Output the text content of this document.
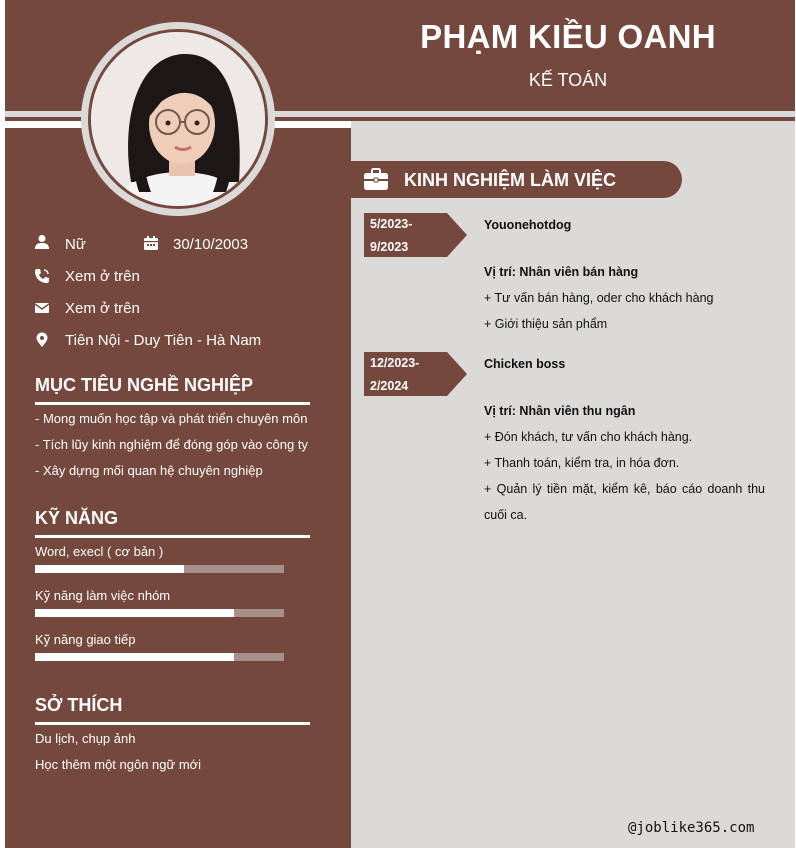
PHẠM KIỀU OANH
KẾ TOÁN
Nữ	30/10/2003
Xem ở trên
Xem ở trên
Tiên Nội - Duy Tiên - Hà Nam
MỤC TIÊU NGHỀ NGHIỆP
- Mong muốn học tập và phát triển chuyên môn
- Tích lũy kinh nghiệm để đóng góp vào công ty
- Xây dựng mối quan hệ chuyên nghiệp
KỸ NĂNG
Word, execl ( cơ bản )
Kỹ năng làm việc nhóm
Kỹ năng giao tiếp
SỞ THÍCH
Du lịch, chụp ảnh
Học thêm một ngôn ngữ mới
KINH NGHIỆM LÀM VIỆC
5/2023-
9/2023
Youonehotdog
Vị trí: Nhân viên bán hàng
+ Tư vấn bán hàng, oder cho khách hàng
+ Giới thiệu sản phẩm
12/2023-
2/2024
Chicken boss
Vị trí: Nhân viên thu ngân
+ Đón khách, tư vấn cho khách hàng.
+ Thanh toán, kiểm tra, in hóa đơn.
+ Quản lý tiền mặt, kiểm kê, báo cáo doanh thu cuối ca.
@joblike365.com
